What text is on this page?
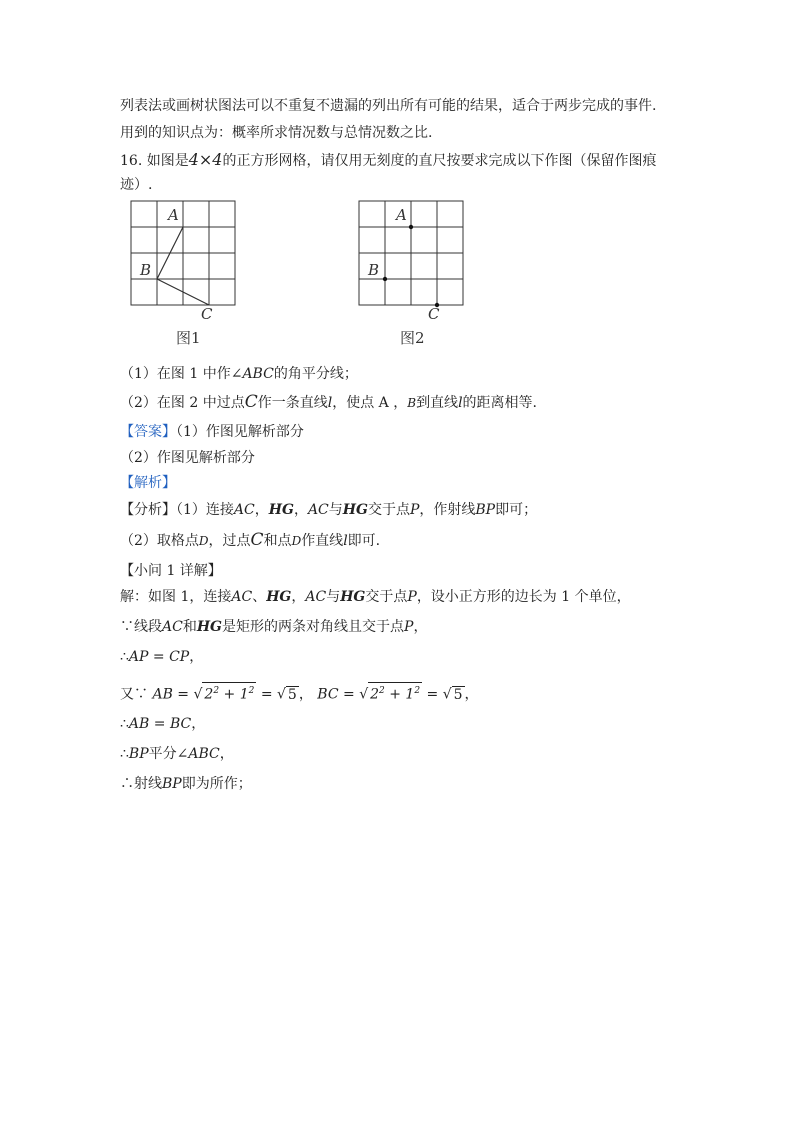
列表法或画树状图法可以不重复不遗漏的列出所有可能的结果，适合于两步完成的事件.
用到的知识点为：概率所求情况数与总情况数之比.
16. 如图是4×4的正方形网格，请仅用无刻度的直尺按要求完成以下作图（保留作图痕
迹）.
A
B
C
图1
A
B
C
图2
（1）在图 1 中作∠ABC的角平分线；
（2）在图 2 中过点C作一条直线l，使点 A ，B到直线l的距离相等.
【答案】（1）作图见解析部分
（2）作图见解析部分
【解析】
【分析】（1）连接AC，HG，AC与HG交于点P，作射线BP即可；
（2）取格点D，过点C和点D作直线l即可.
【小问 1 详解】
解：如图 1，连接AC、HG，AC与HG交于点P，设小正方形的边长为 1 个单位，
∵线段AC和HG是矩形的两条对角线且交于点P，
∴AP = CP，
又∵ AB = √ $2^2 + 1^2$ = √ 5 ， BC = √ $2^2 + 1^2$ = √ 5 ，
∴AB = BC，
∴BP平分∠ABC，
∴射线BP即为所作；
